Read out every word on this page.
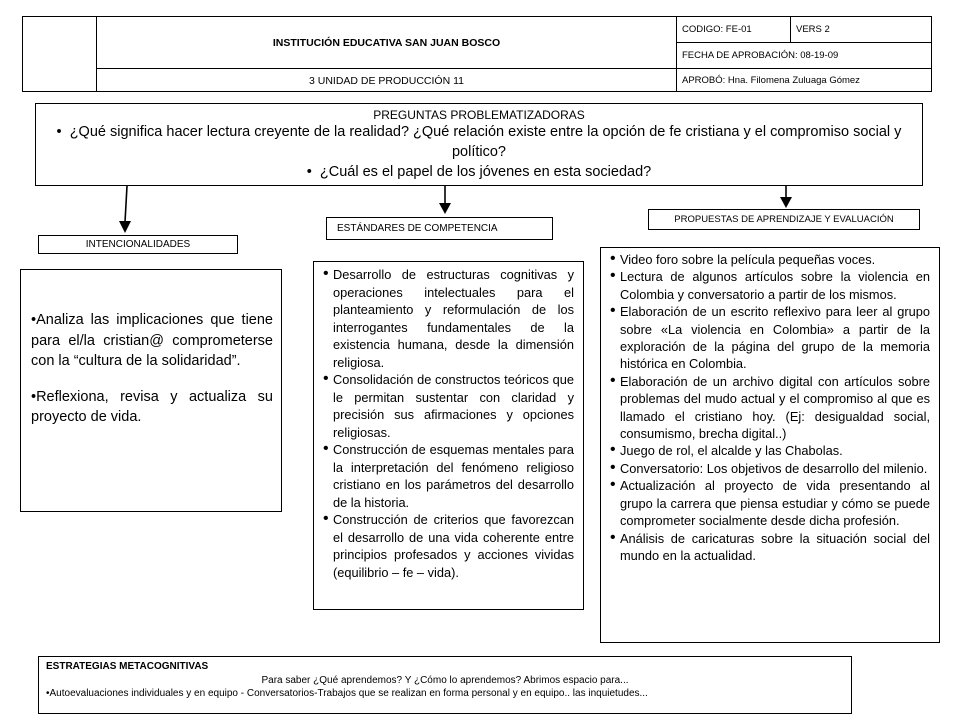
INSTITUCIÓN EDUCATIVA SAN JUAN BOSCO
3 UNIDAD DE PRODUCCIÓN 11
CODIGO: FE-01	VERS 2
FECHA DE APROBACIÓN: 08-19-09
APROBÓ: Hna. Filomena Zuluaga Gómez
PREGUNTAS PROBLEMATIZADORAS
•  ¿Qué significa hacer lectura creyente de la realidad? ¿Qué relación existe entre la opción de fe cristiana y el compromiso social y político?
•  ¿Cuál es el papel de los jóvenes en esta sociedad?
INTENCIONALIDADES
ESTÁNDARES DE COMPETENCIA
PROPUESTAS DE APRENDIZAJE Y EVALUACIÓN
•Analiza las implicaciones que tiene para el/la cristian@ comprometerse con la “cultura de la solidaridad”.
•Reflexiona, revisa y actualiza su proyecto de vida.
• Desarrollo de estructuras cognitivas y operaciones intelectuales para el planteamiento y reformulación de los interrogantes fundamentales de la existencia humana, desde la dimensión religiosa.
• Consolidación de constructos teóricos que le permitan sustentar con claridad y precisión sus afirmaciones y opciones religiosas.
• Construcción de esquemas mentales para la interpretación del fenómeno religioso cristiano en los parámetros del desarrollo de la historia.
• Construcción de criterios que favorezcan el desarrollo de una vida coherente entre principios profesados y acciones vividas (equilibrio – fe – vida).
• Video foro sobre la película pequeñas voces.
• Lectura de algunos artículos sobre la violencia en Colombia y conversatorio a partir de los mismos.
• Elaboración de un escrito reflexivo para leer al grupo sobre «La violencia en Colombia» a partir de la exploración de la página del grupo de la memoria histórica en Colombia.
• Elaboración de un archivo digital con artículos sobre problemas del mudo actual y el compromiso al que es llamado el cristiano hoy. (Ej: desigualdad social, consumismo, brecha digital..)
• Juego de rol, el alcalde y las Chabolas.
• Conversatorio: Los objetivos de desarrollo del milenio.
• Actualización al proyecto de vida presentando al grupo la carrera que piensa estudiar y cómo se puede comprometer socialmente desde dicha profesión.
• Análisis de caricaturas sobre la situación social del mundo en la actualidad.
ESTRATEGIAS METACOGNITIVAS
Para saber ¿Qué aprendemos? Y ¿Cómo lo aprendemos? Abrimos espacio para...
•Autoevaluaciones individuales y en equipo - Conversatorios-Trabajos que se realizan en forma personal y en equipo.. las inquietudes...
